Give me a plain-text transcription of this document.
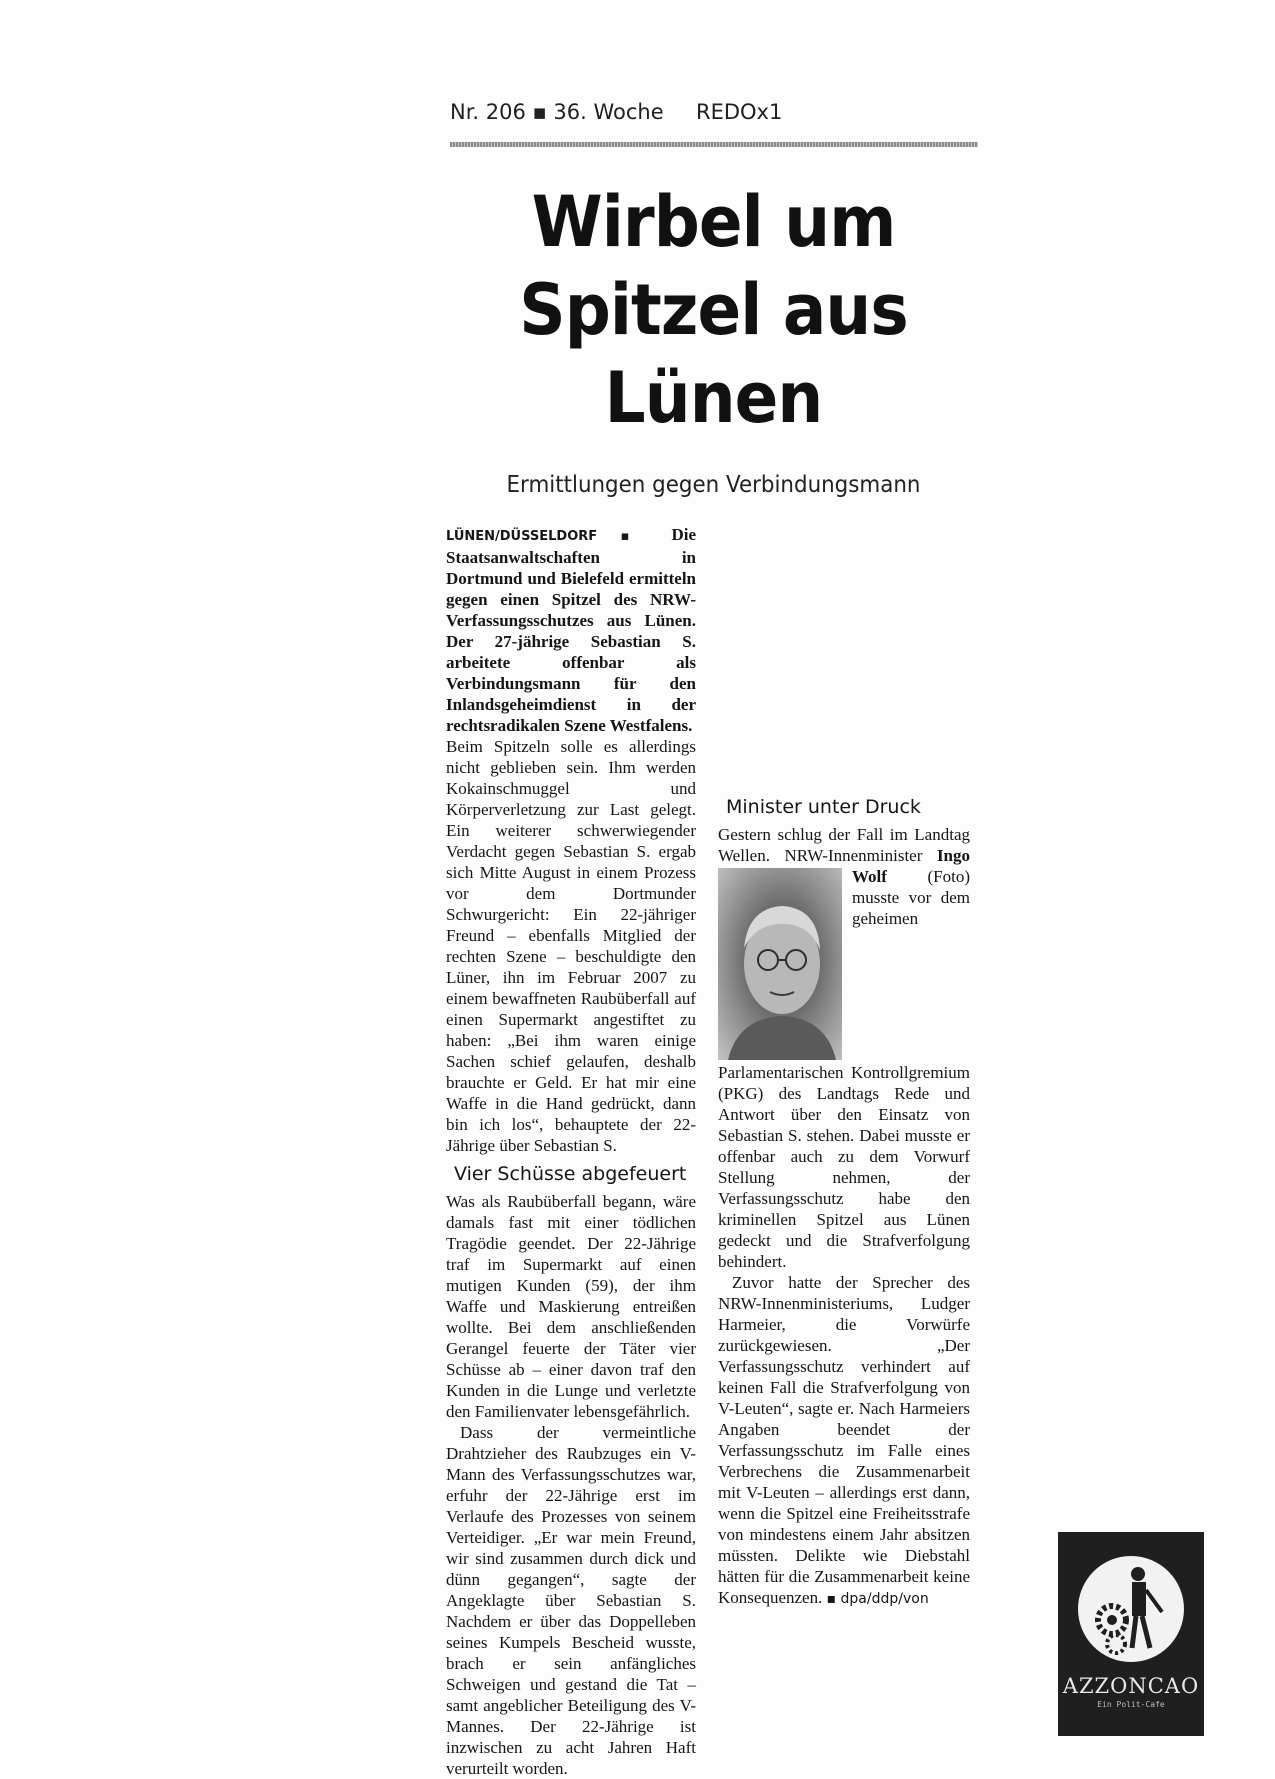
Nr. 206 ▪ 36. Woche REDOx1
Wirbel um Spitzel aus Lünen
Ermittlungen gegen Verbindungsmann

LÜNEN/DÜSSELDORF ▪ Die Staatsanwaltschaften in Dortmund und Bielefeld ermitteln gegen einen Spitzel des NRW-Verfassungsschutzes aus Lünen. Der 27-jährige Sebastian S. arbeitete offenbar als Verbindungsmann für den Inlandsgeheimdienst in der rechtsradikalen Szene Westfalens.

Beim Spitzeln solle es allerdings nicht geblieben sein. Ihm werden Kokainschmuggel und Körperverletzung zur Last gelegt. Ein weiterer schwerwiegender Verdacht gegen Sebastian S. ergab sich Mitte August in einem Prozess vor dem Dortmunder Schwurgericht: Ein 22-jähriger Freund – ebenfalls Mitglied der rechten Szene – beschuldigte den Lüner, ihn im Februar 2007 zu einem bewaffneten Raubüberfall auf einen Supermarkt angestiftet zu haben: „Bei ihm waren einige Sachen schief gelaufen, deshalb brauchte er Geld. Er hat mir eine Waffe in die Hand gedrückt, dann bin ich los“, behauptete der 22-Jährige über Sebastian S.

Vier Schüsse abgefeuert

Was als Raubüberfall begann, wäre damals fast mit einer tödlichen Tragödie geendet. Der 22-Jährige traf im Supermarkt auf einen mutigen Kunden (59), der ihm Waffe und Maskierung entreißen wollte. Bei dem anschließenden Gerangel feuerte der Täter vier Schüsse ab – einer davon traf den Kunden in die Lunge und verletzte den Familienvater lebensgefährlich.

Dass der vermeintliche Drahtzieher des Raubzuges ein V-Mann des Verfassungsschutzes war, erfuhr der 22-Jährige erst im Verlaufe des Prozesses von seinem Verteidiger. „Er war mein Freund, wir sind zusammen durch dick und dünn gegangen“, sagte der Angeklagte über Sebastian S. Nachdem er über das Doppelleben seines Kumpels Bescheid wusste, brach er sein anfängliches Schweigen und gestand die Tat – samt angeblicher Beteiligung des V-Mannes. Der 22-Jährige ist inzwischen zu acht Jahren Haft verurteilt worden.

Minister unter Druck

Gestern schlug der Fall im Landtag Wellen. NRW-Innenminister Ingo Wolf (Foto) musste vor dem geheimen Parlamentarischen Kontrollgremium (PKG) des Landtags Rede und Antwort über den Einsatz von Sebastian S. stehen. Dabei musste er offenbar auch zu dem Vorwurf Stellung nehmen, der Verfassungsschutz habe den kriminellen Spitzel aus Lünen gedeckt und die Strafverfolgung behindert.

Zuvor hatte der Sprecher des NRW-Innenministeriums, Ludger Harmeier, die Vorwürfe zurückgewiesen. „Der Verfassungsschutz verhindert auf keinen Fall die Strafverfolgung von V-Leuten“, sagte er. Nach Harmeiers Angaben beendet der Verfassungsschutz im Falle eines Verbrechens die Zusammenarbeit mit V-Leuten – allerdings erst dann, wenn die Spitzel eine Freiheitsstrafe von mindestens einem Jahr absitzen müssten. Delikte wie Diebstahl hätten für die Zusammenarbeit keine Konsequenzen. ▪ dpa/ddp/von

AZZONCAO
Ein Polit-Cafe
